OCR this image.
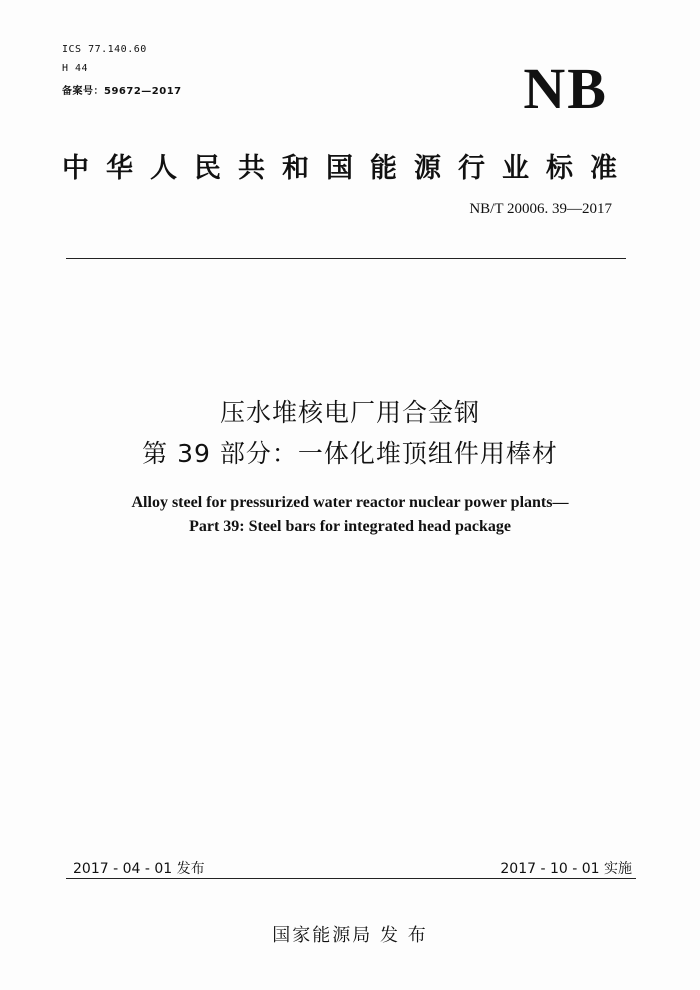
ICS 77.140.60
H 44
备案号：59672—2017	NB
中华人民共和国能源行业标准
NB/T 20006. 39—2017
压水堆核电厂用合金钢
第 39 部分：一体化堆顶组件用棒材
Alloy steel for pressurized water reactor nuclear power plants—
Part 39: Steel bars for integrated head package
2017 - 04 - 01 发布	2017 - 10 - 01 实施
国家能源局 发 布
